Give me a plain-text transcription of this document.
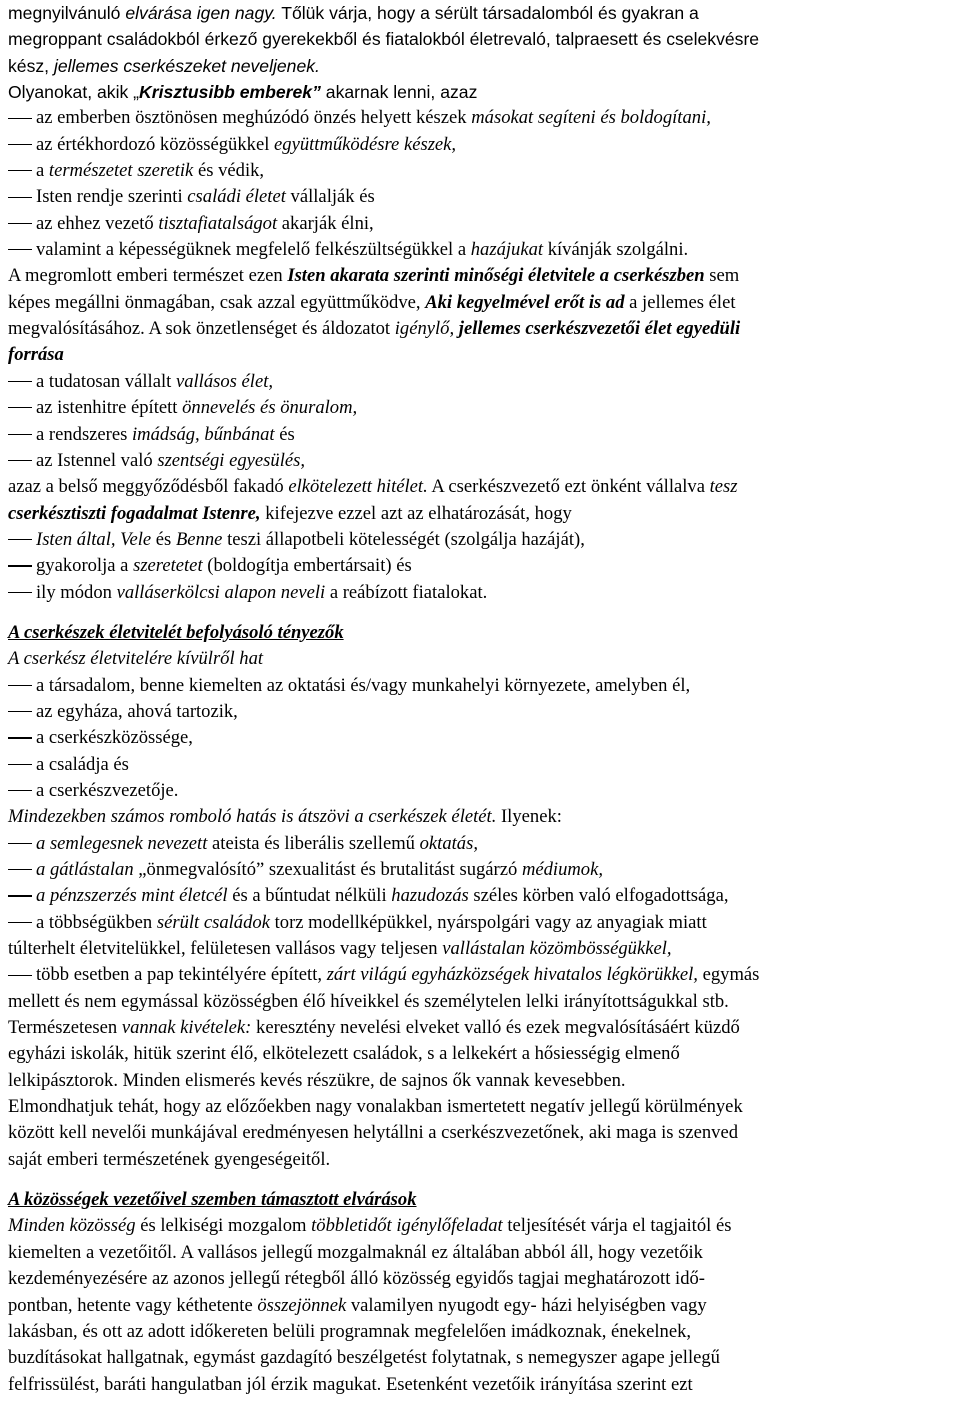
megnyilvánuló elvárása igen nagy. Tőlük várja, hogy a sérült társadalomból és gyakran a
megroppant családokból érkező gyerekekből és fiatalokból életrevaló, talpraesett és cselekvésre
kész, jellemes cserkészeket neveljenek.
Olyanokat, akik „Krisztusibb emberek” akarnak lenni, azaz
az emberben ösztönösen meghúzódó önzés helyett készek másokat segíteni és boldogítani,
az értékhordozó közösségükkel együttműködésre készek,
a természetet szeretik és védik,
Isten rendje szerinti családi életet vállalják és
az ehhez vezető tisztafiatalságot akarják élni,
valamint a képességüknek megfelelő felkészültségükkel a hazájukat kívánják szolgálni.
A megromlott emberi természet ezen Isten akarata szerinti minőségi életvitele a cserkészben sem
képes megállni önmagában, csak azzal együttműködve, Aki kegyelmével erőt is ad a jellemes élet
megvalósításához. A sok önzetlenséget és áldozatot igénylő, jellemes cserkészvezetői élet egyedüli
forrása
a tudatosan vállalt vallásos élet,
az istenhitre épített önnevelés és önuralom,
a rendszeres imádság, bűnbánat és
az Istennel való szentségi egyesülés,
azaz a belső meggyőződésből fakadó elkötelezett hitélet. A cserkészvezető ezt önként vállalva tesz
cserkésztiszti fogadalmat Istenre, kifejezve ezzel azt az elhatározását, hogy
Isten által, Vele és Benne teszi állapotbeli kötelességét (szolgálja hazáját),
gyakorolja a szeretetet (boldogítja embertársait) és
ily módon valláserkölcsi alapon neveli a reábízott fiatalokat.
A cserkészek életvitelét befolyásoló tényezők
A cserkész életvitelére kívülről hat
a társadalom, benne kiemelten az oktatási és/vagy munkahelyi környezete, amelyben él,
az egyháza, ahová tartozik,
a cserkészközössége,
a családja és
a cserkészvezetője.
Mindezekben számos romboló hatás is átszövi a cserkészek életét. Ilyenek:
a semlegesnek nevezett ateista és liberális szellemű oktatás,
a gátlástalan „önmegvalósító” szexualitást és brutalitást sugárzó médiumok,
a pénzszerzés mint életcél és a bűntudat nélküli hazudozás széles körben való elfogadottsága,
a többségükben sérült családok torz modellképükkel, nyárspolgári vagy az anyagiak miatt
túlterhelt életvitelükkel, felületesen vallásos vagy teljesen vallástalan közömbösségükkel,
több esetben a pap tekintélyére épített, zárt világú egyházközségek hivatalos légkörükkel, egymás
mellett és nem egymással közösségben élő híveikkel és személytelen lelki irányítottságukkal stb.
Természetesen vannak kivételek: keresztény nevelési elveket valló és ezek megvalósításáért küzdő
egyházi iskolák, hitük szerint élő, elkötelezett családok, s a lelkekért a hősiességig elmenő
lelkipásztorok. Minden elismerés kevés részükre, de sajnos ők vannak kevesebben.
Elmondhatjuk tehát, hogy az előzőekben nagy vonalakban ismertetett negatív jellegű körülmények
között kell nevelői munkájával eredményesen helytállni a cserkészvezetőnek, aki maga is szenved
saját emberi természetének gyengeségeitől.
A közösségek vezetőivel szemben támasztott elvárások
Minden közösség és lelkiségi mozgalom többletidőt igénylőfeladat teljesítését várja el tagjaitól és
kiemelten a vezetőitől. A vallásos jellegű mozgalmaknál ez általában abból áll, hogy vezetőik
kezdeményezésére az azonos jellegű rétegből álló közösség egyidős tagjai meghatározott idő-
pontban, hetente vagy kéthetente összejönnek valamilyen nyugodt egy- házi helyiségben vagy
lakásban, és ott az adott időkereten belüli programnak megfelelően imádkoznak, énekelnek,
buzdításokat hallgatnak, egymást gazdagító beszélgetést folytatnak, s nemegyszer agape jellegű
felfrissülést, baráti hangulatban jól érzik magukat. Esetenként vezetőik irányítása szerint ezt
